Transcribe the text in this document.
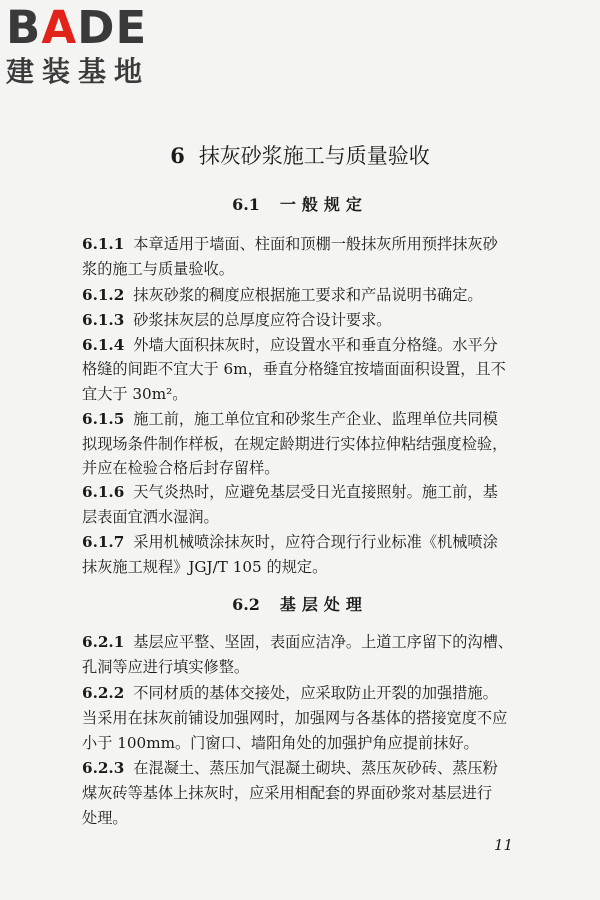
BADE
建装基地
6 抹灰砂浆施工与质量验收
6.1 一般规定
6.1.1 本章适用于墙面、柱面和顶棚一般抹灰所用预拌抹灰砂
浆的施工与质量验收。
6.1.2 抹灰砂浆的稠度应根据施工要求和产品说明书确定。
6.1.3 砂浆抹灰层的总厚度应符合设计要求。
6.1.4 外墙大面积抹灰时，应设置水平和垂直分格缝。水平分
格缝的间距不宜大于 6m，垂直分格缝宜按墙面面积设置，且不
宜大于 30m²。
6.1.5 施工前，施工单位宜和砂浆生产企业、监理单位共同模
拟现场条件制作样板，在规定龄期进行实体拉伸粘结强度检验，
并应在检验合格后封存留样。
6.1.6 天气炎热时，应避免基层受日光直接照射。施工前，基
层表面宜洒水湿润。
6.1.7 采用机械喷涂抹灰时，应符合现行行业标准《机械喷涂
抹灰施工规程》JGJ/T 105 的规定。
6.2 基层处理
6.2.1 基层应平整、坚固，表面应洁净。上道工序留下的沟槽、
孔洞等应进行填实修整。
6.2.2 不同材质的基体交接处，应采取防止开裂的加强措施。
当采用在抹灰前铺设加强网时，加强网与各基体的搭接宽度不应
小于 100mm。门窗口、墙阳角处的加强护角应提前抹好。
6.2.3 在混凝土、蒸压加气混凝土砌块、蒸压灰砂砖、蒸压粉
煤灰砖等基体上抹灰时，应采用相配套的界面砂浆对基层进行
处理。
11
